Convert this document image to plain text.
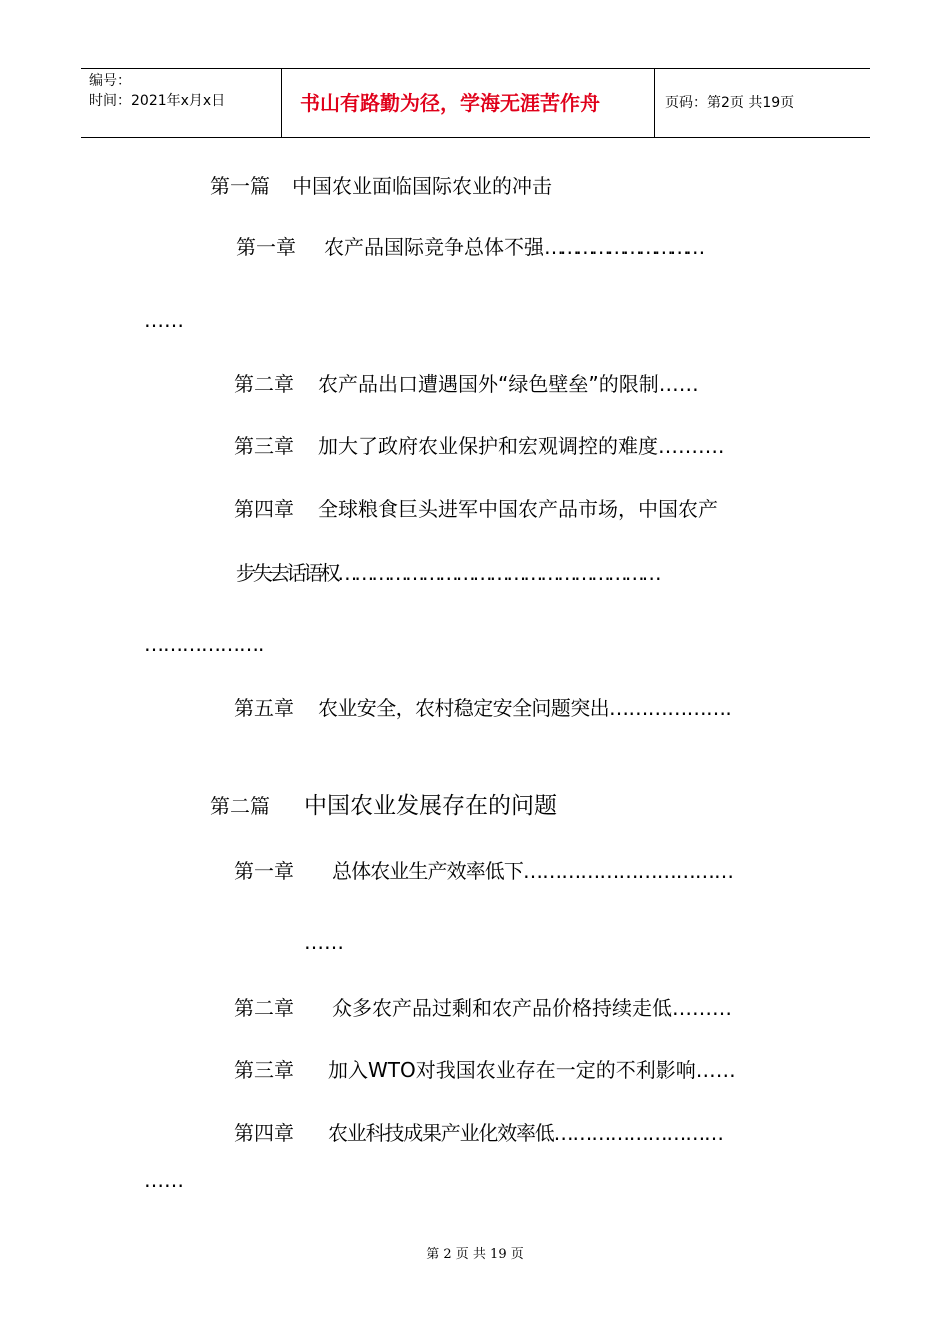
编号：
时间：2021年x月x日	书山有路勤为径，学海无涯苦作舟	页码：第2页 共19页
第一篇 中国农业面临国际农业的冲击
第一章 农产品国际竞争总体不强…………………………
……
第二章 农产品出口遭遇国外“绿色壁垒”的限制……
第三章 加大了政府农业保护和宏观调控的难度……….
第四章 全球粮食巨头进军中国农产品市场，中国农产
步失去话语权…………………………………………………
……………….
第五章 农业安全，农村稳定安全问题突出……………….
第二篇 中国农业发展存在的问题
第一章 总体农业生产效率低下……………………………
……
第二章 众多农产品过剩和农产品价格持续走低………
第三章 加入WTO对我国农业存在一定的不利影响……
第四章 农业科技成果产业化效率低………………………
……
第 2 页 共 19 页
